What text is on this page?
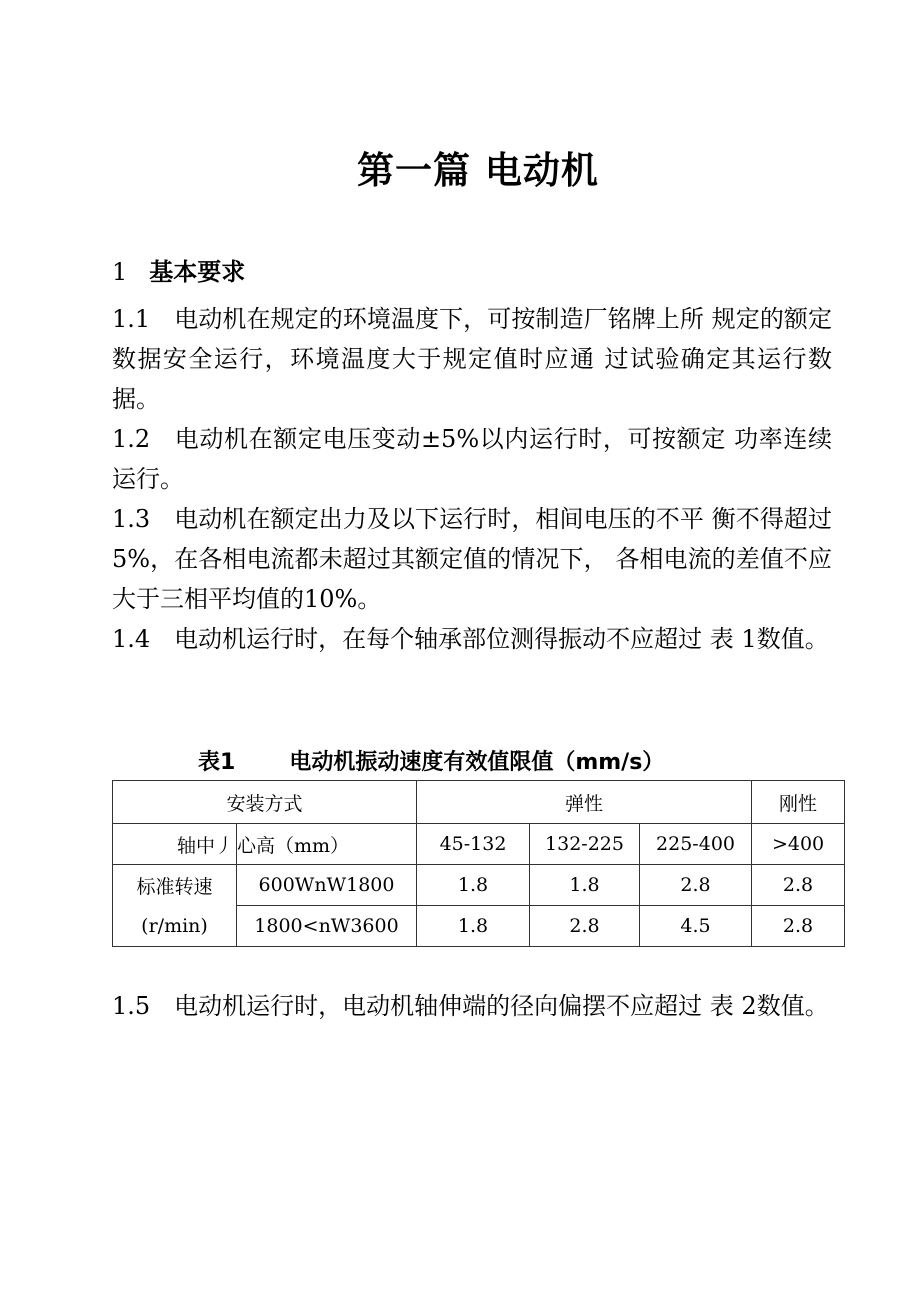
第一篇 电动机
1 基本要求

1.1 电动机在规定的环境温度下，可按制造厂铭牌上所 规定的额定数据安全运行，环境温度大于规定值时应通 过试验确定其运行数据。

1.2 电动机在额定电压变动±5%以内运行时，可按额定 功率连续运行。

1.3 电动机在额定出力及以下运行时，相间电压的不平 衡不得超过 5%，在各相电流都未超过其额定值的情况下， 各相电流的差值不应大于三相平均值的10%。

1.4 电动机运行时，在每个轴承部位测得振动不应超过 表 1数值。

表1 电动机振动速度有效值限值（mm/s）

安装方式		弹性			刚性
轴中丿	心高（mm）	45-132	132-225	225-400	>400
标准转速	600WnW1800	1.8	1.8	2.8	2.8
(r/min)	1800<nW3600	1.8	2.8	4.5	2.8

1.5 电动机运行时，电动机轴伸端的径向偏摆不应超过 表 2数值。
